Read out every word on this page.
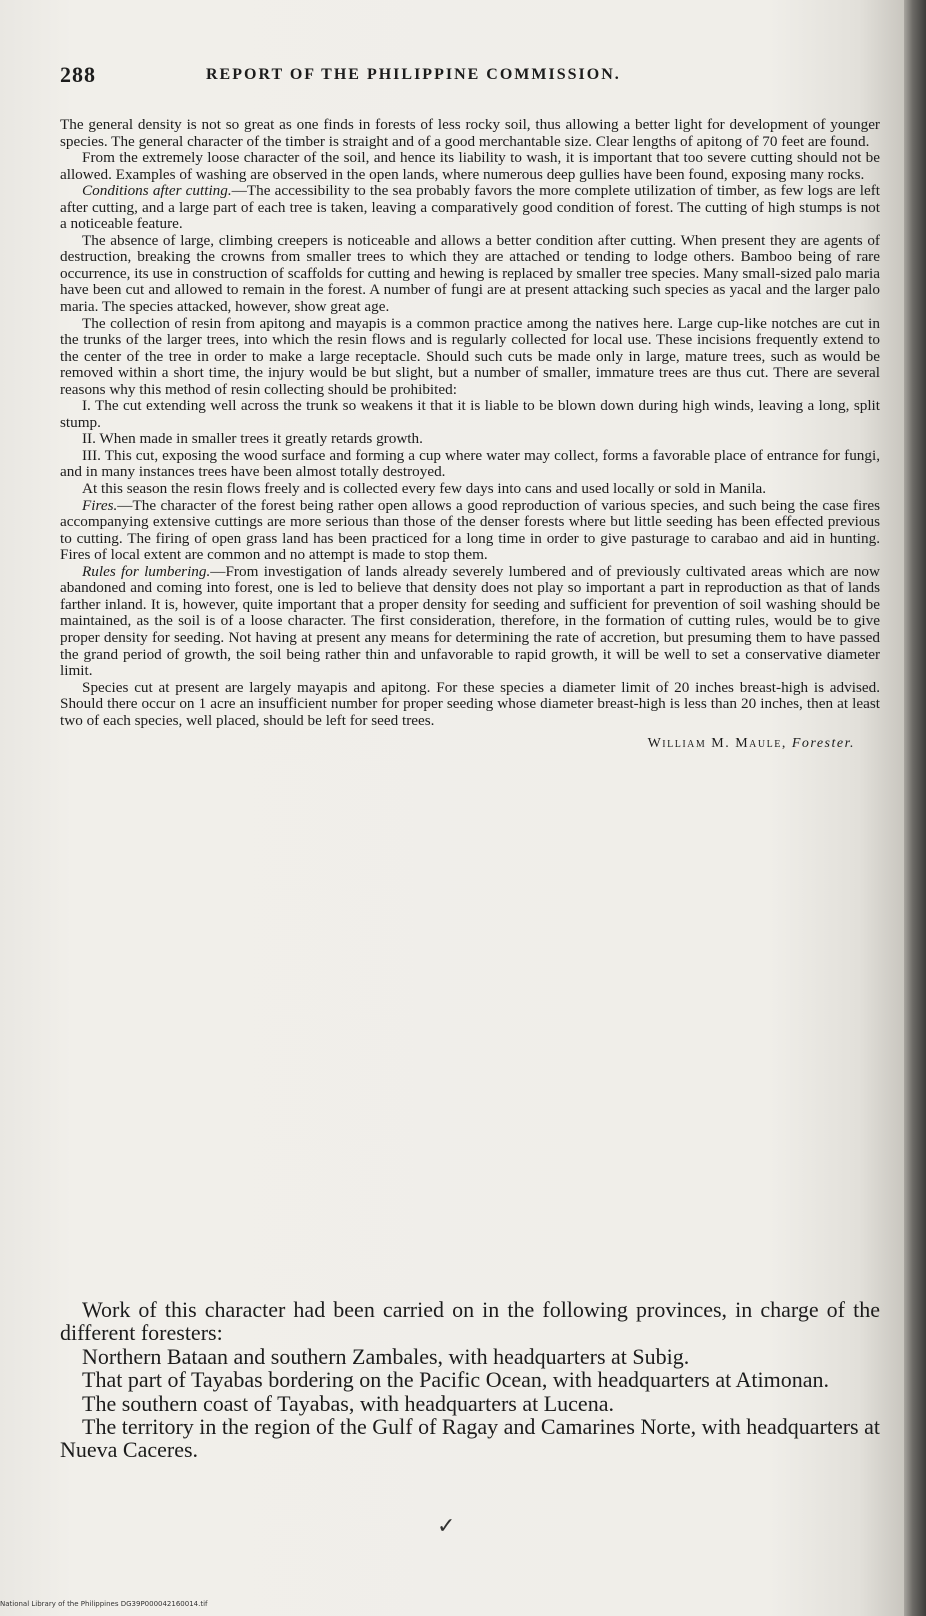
288	REPORT OF THE PHILIPPINE COMMISSION.

The general density is not so great as one finds in forests of less rocky soil, thus allowing a better light for development of younger species. The general character of the timber is straight and of a good merchantable size. Clear lengths of apitong of 70 feet are found.

From the extremely loose character of the soil, and hence its liability to wash, it is important that too severe cutting should not be allowed. Examples of washing are observed in the open lands, where numerous deep gullies have been found, exposing many rocks.

Conditions after cutting.—The accessibility to the sea probably favors the more complete utilization of timber, as few logs are left after cutting, and a large part of each tree is taken, leaving a comparatively good condition of forest. The cutting of high stumps is not a noticeable feature.

The absence of large, climbing creepers is noticeable and allows a better condition after cutting. When present they are agents of destruction, breaking the crowns from smaller trees to which they are attached or tending to lodge others. Bamboo being of rare occurrence, its use in construction of scaffolds for cutting and hewing is replaced by smaller tree species. Many small-sized palo maria have been cut and allowed to remain in the forest. A number of fungi are at present attacking such species as yacal and the larger palo maria. The species attacked, however, show great age.

The collection of resin from apitong and mayapis is a common practice among the natives here. Large cup-like notches are cut in the trunks of the larger trees, into which the resin flows and is regularly collected for local use. These incisions frequently extend to the center of the tree in order to make a large receptacle. Should such cuts be made only in large, mature trees, such as would be removed within a short time, the injury would be but slight, but a number of smaller, immature trees are thus cut. There are several reasons why this method of resin collecting should be prohibited:

I. The cut extending well across the trunk so weakens it that it is liable to be blown down during high winds, leaving a long, split stump.

II. When made in smaller trees it greatly retards growth.

III. This cut, exposing the wood surface and forming a cup where water may collect, forms a favorable place of entrance for fungi, and in many instances trees have been almost totally destroyed.

At this season the resin flows freely and is collected every few days into cans and used locally or sold in Manila.

Fires.—The character of the forest being rather open allows a good reproduction of various species, and such being the case fires accompanying extensive cuttings are more serious than those of the denser forests where but little seeding has been effected previous to cutting. The firing of open grass land has been practiced for a long time in order to give pasturage to carabao and aid in hunting. Fires of local extent are common and no attempt is made to stop them.

Rules for lumbering.—From investigation of lands already severely lumbered and of previously cultivated areas which are now abandoned and coming into forest, one is led to believe that density does not play so important a part in reproduction as that of lands farther inland. It is, however, quite important that a proper density for seeding and sufficient for prevention of soil washing should be maintained, as the soil is of a loose character. The first consideration, therefore, in the formation of cutting rules, would be to give proper density for seeding. Not having at present any means for determining the rate of accretion, but presuming them to have passed the grand period of growth, the soil being rather thin and unfavorable to rapid growth, it will be well to set a conservative diameter limit.

Species cut at present are largely mayapis and apitong. For these species a diameter limit of 20 inches breast-high is advised. Should there occur on 1 acre an insufficient number for proper seeding whose diameter breast-high is less than 20 inches, then at least two of each species, well placed, should be left for seed trees.

William M. Maule, Forester.

Work of this character had been carried on in the following provinces, in charge of the different foresters:

Northern Bataan and southern Zambales, with headquarters at Subig.

That part of Tayabas bordering on the Pacific Ocean, with headquarters at Atimonan.

The southern coast of Tayabas, with headquarters at Lucena.

The territory in the region of the Gulf of Ragay and Camarines Norte, with headquarters at Nueva Caceres.

✓
National Library of the Philippines DG39P000042160014.tif
